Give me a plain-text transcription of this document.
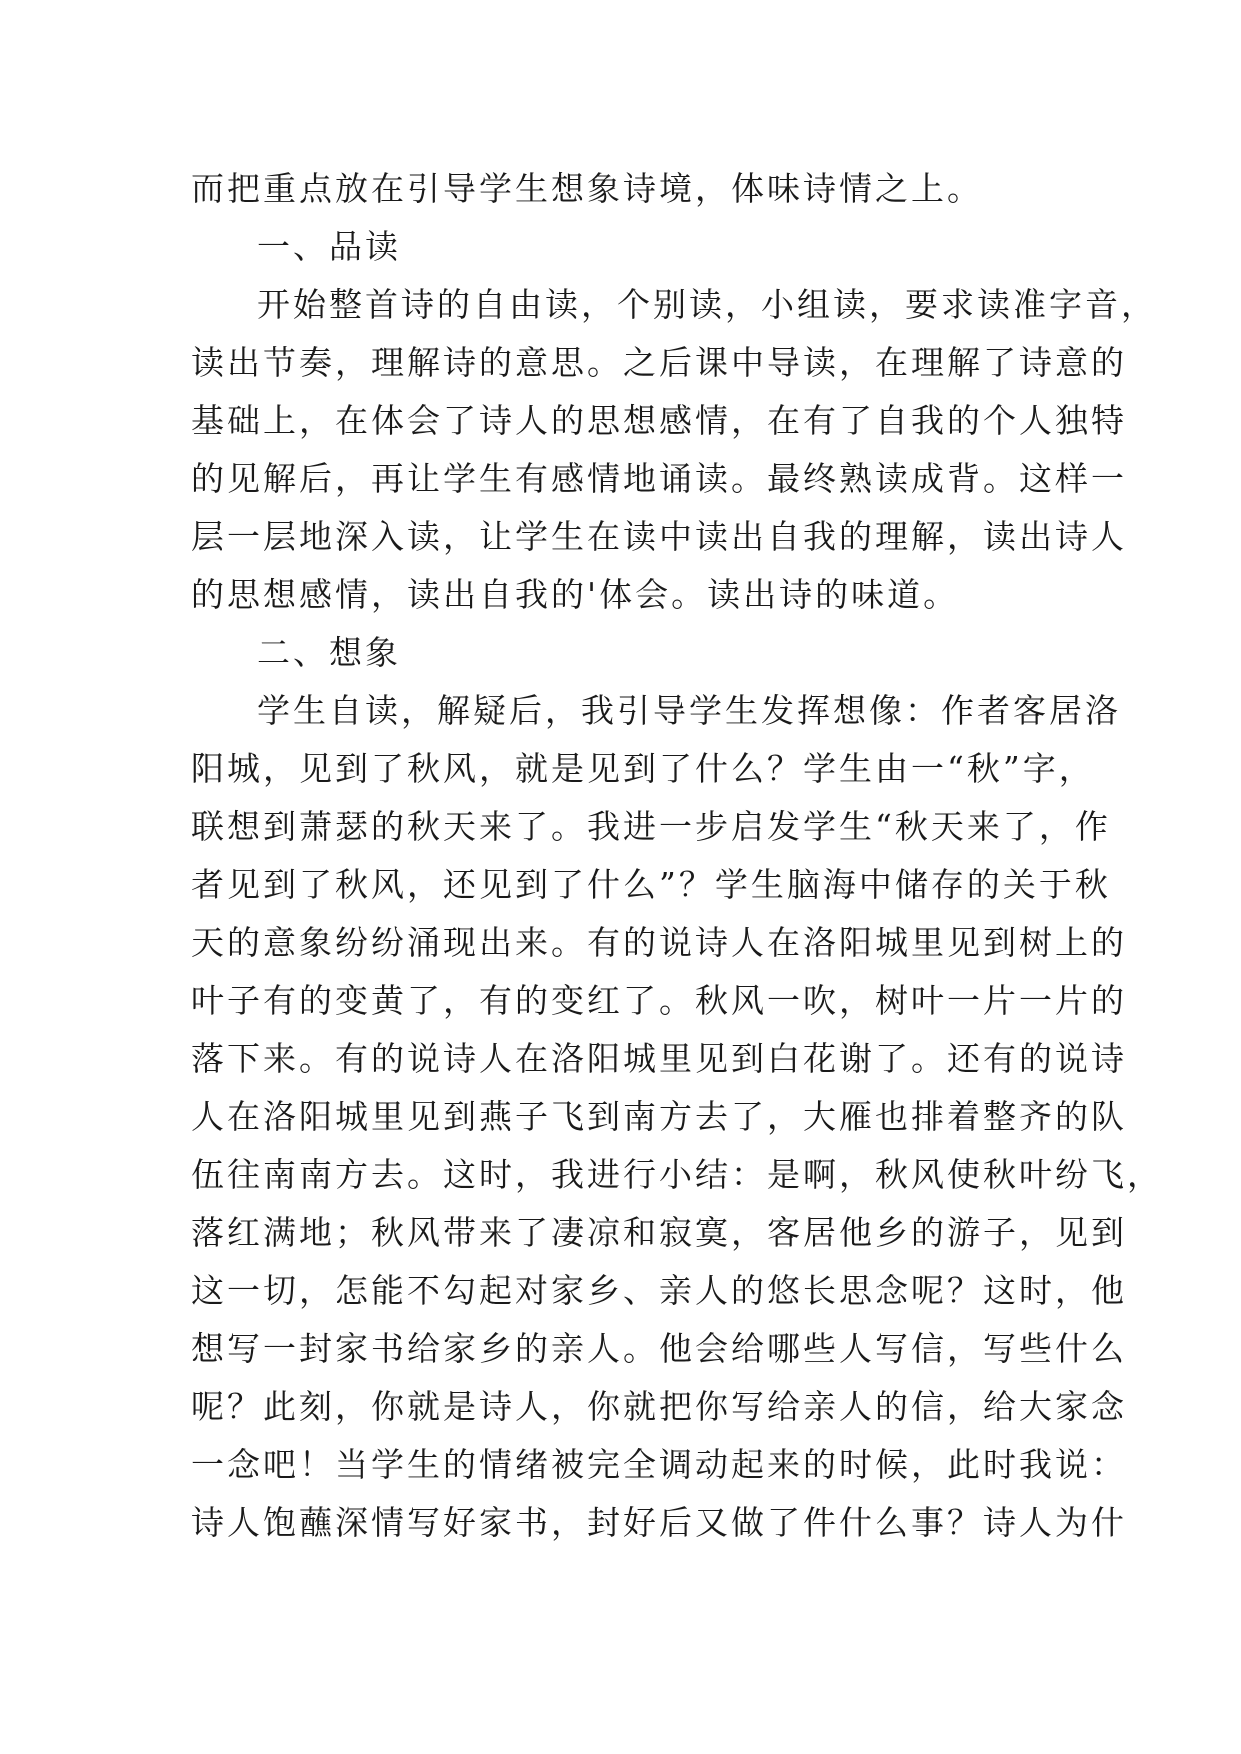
而把重点放在引导学生想象诗境，体味诗情之上。
一、品读
开始整首诗的自由读，个别读，小组读，要求读准字音，
读出节奏，理解诗的意思。之后课中导读，在理解了诗意的
基础上，在体会了诗人的思想感情，在有了自我的个人独特
的见解后，再让学生有感情地诵读。最终熟读成背。这样一
层一层地深入读，让学生在读中读出自我的理解，读出诗人
的思想感情，读出自我的'体会。读出诗的味道。
二、想象
学生自读，解疑后，我引导学生发挥想像：作者客居洛
阳城，见到了秋风，就是见到了什么？学生由一“秋”字，
联想到萧瑟的秋天来了。我进一步启发学生“秋天来了，作
者见到了秋风，还见到了什么”？学生脑海中储存的关于秋
天的意象纷纷涌现出来。有的说诗人在洛阳城里见到树上的
叶子有的变黄了，有的变红了。秋风一吹，树叶一片一片的
落下来。有的说诗人在洛阳城里见到白花谢了。还有的说诗
人在洛阳城里见到燕子飞到南方去了，大雁也排着整齐的队
伍往南南方去。这时，我进行小结：是啊，秋风使秋叶纷飞，
落红满地；秋风带来了凄凉和寂寞，客居他乡的游子，见到
这一切，怎能不勾起对家乡、亲人的悠长思念呢？这时，他
想写一封家书给家乡的亲人。他会给哪些人写信，写些什么
呢？此刻，你就是诗人，你就把你写给亲人的信，给大家念
一念吧！当学生的情绪被完全调动起来的时候，此时我说：
诗人饱蘸深情写好家书，封好后又做了件什么事？诗人为什
